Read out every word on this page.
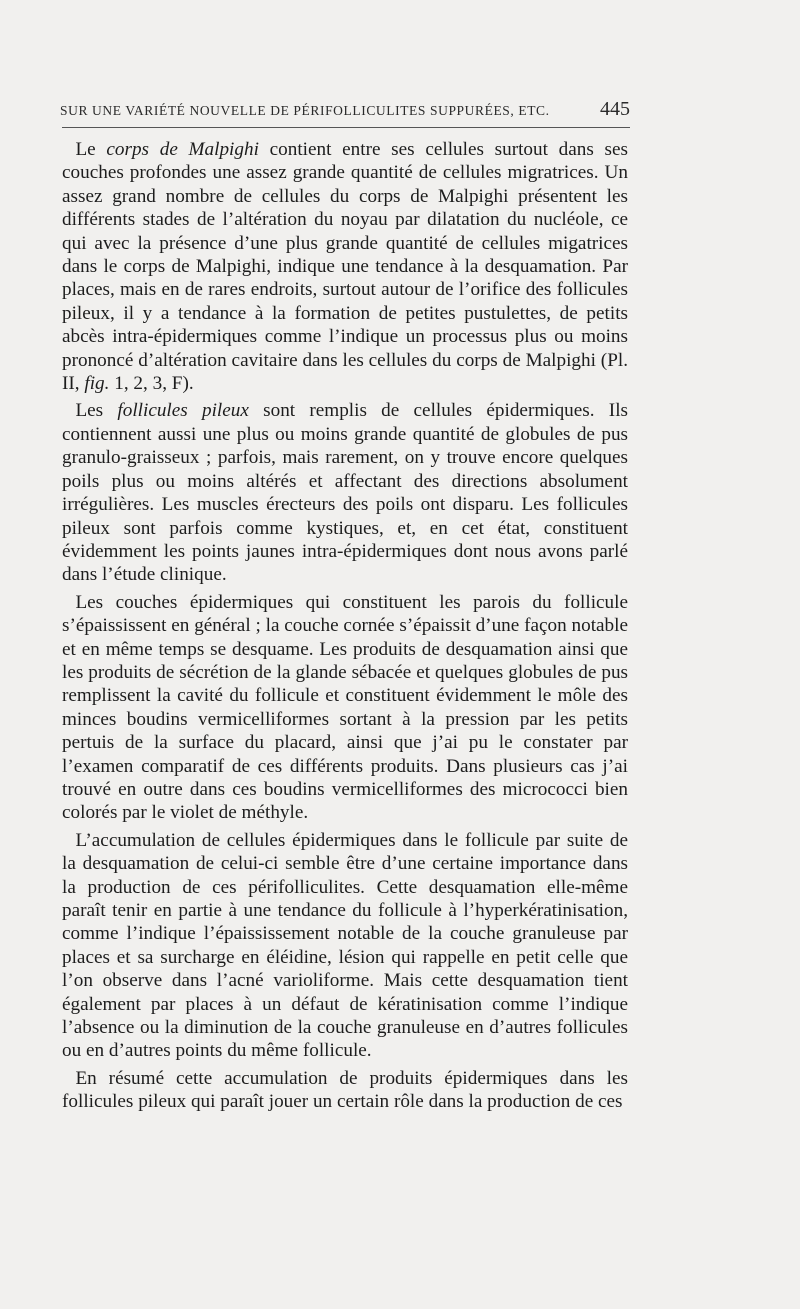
SUR UNE VARIÉTÉ NOUVELLE DE PÉRIFOLLICULITES SUPPURÉES, ETC.	445

Le corps de Malpighi contient entre ses cellules surtout dans ses couches profondes une assez grande quantité de cellules migratrices. Un assez grand nombre de cellules du corps de Malpighi présentent les différents stades de l’altération du noyau par dilatation du nucléole, ce qui avec la présence d’une plus grande quantité de cellules migatrices dans le corps de Malpighi, indique une tendance à la desquamation. Par places, mais en de rares endroits, surtout autour de l’orifice des follicules pileux, il y a tendance à la formation de petites pustulettes, de petits abcès intra-épidermiques comme l’indique un processus plus ou moins prononcé d’altération cavitaire dans les cellules du corps de Malpighi (Pl. II, fig. 1, 2, 3, F).

Les follicules pileux sont remplis de cellules épidermiques. Ils contiennent aussi une plus ou moins grande quantité de globules de pus granulo-graisseux ; parfois, mais rarement, on y trouve encore quelques poils plus ou moins altérés et affectant des directions absolument irrégulières. Les muscles érecteurs des poils ont disparu. Les follicules pileux sont parfois comme kystiques, et, en cet état, constituent évidemment les points jaunes intra-épidermiques dont nous avons parlé dans l’étude clinique.

Les couches épidermiques qui constituent les parois du follicule s’épaississent en général ; la couche cornée s’épaissit d’une façon notable et en même temps se desquame. Les produits de desquamation ainsi que les produits de sécrétion de la glande sébacée et quelques globules de pus remplissent la cavité du follicule et constituent évidemment le môle des minces boudins vermicelliformes sortant à la pression par les petits pertuis de la surface du placard, ainsi que j’ai pu le constater par l’examen comparatif de ces différents produits. Dans plusieurs cas j’ai trouvé en outre dans ces boudins vermicelliformes des micrococci bien colorés par le violet de méthyle.

L’accumulation de cellules épidermiques dans le follicule par suite de la desquamation de celui-ci semble être d’une certaine importance dans la production de ces périfolliculites. Cette desquamation elle-même paraît tenir en partie à une tendance du follicule à l’hyperkératinisation, comme l’indique l’épaississement notable de la couche granuleuse par places et sa surcharge en éléidine, lésion qui rappelle en petit celle que l’on observe dans l’acné varioliforme. Mais cette desquamation tient également par places à un défaut de kératinisation comme l’indique l’absence ou la diminution de la couche granuleuse en d’autres follicules ou en d’autres points du même follicule.

En résumé cette accumulation de produits épidermiques dans les follicules pileux qui paraît jouer un certain rôle dans la production de ces
